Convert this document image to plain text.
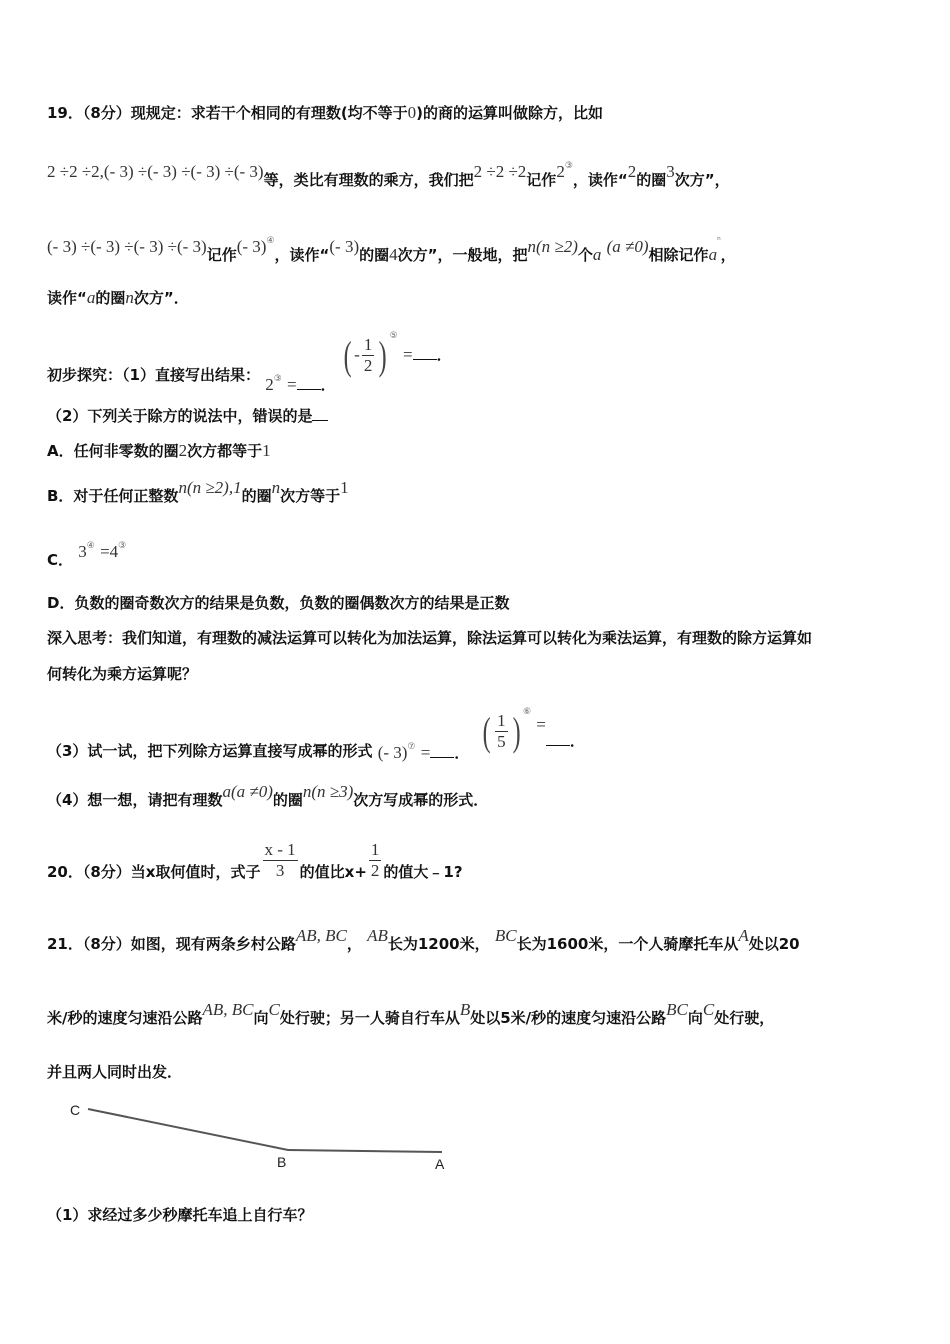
19．（8分）现规定：求若干个相同的有理数(均不等于0)的商的运算叫做除方，比如
2 ÷2 ÷2,(- 3) ÷(- 3) ÷(- 3) ÷(- 3)等，类比有理数的乘方，我们把2 ÷2 ÷2记作2③，读作“2的圈3次方”，
(- 3) ÷(- 3) ÷(- 3) ÷(- 3)记作(- 3)④，读作“(- 3)的圈4次方”，一般地，把n(n ≥2)个a (a ≠0)相除记作$a^{^n}$，
读作“a的圈n次方”．
初步探究：（1）直接写出结果： 2③ = ． ( - $\frac{1}{2}$ ) ⑤ = ．
（2）下列关于除方的说法中，错误的是
A．任何非零数的圈2次方都等于1
B．对于任何正整数n(n ≥2),1的圈n次方等于1
C． 3④ =4③
D．负数的圈奇数次方的结果是负数，负数的圈偶数次方的结果是正数
深入思考：我们知道，有理数的减法运算可以转化为加法运算，除法运算可以转化为乘法运算，有理数的除方运算如
何转化为乘方运算呢？
（3）试一试，把下列除方运算直接写成幂的形式 (- 3)⑦ = ． ( $\frac{1}{5}$ ) ⑥ =．
（4）想一想，请把有理数a(a ≠0)的圈n(n ≥3)次方写成幂的形式．
20．（8分）当x取何值时，式子 $\frac{x - 1}{3}$ 的值比$x+ \frac{1}{2}$ 的值大﹣1?
21．（8分）如图，现有两条乡村公路AB, BC， AB长为1200米， BC长为1600米，一个人骑摩托车从A处以20
米/秒的速度匀速沿公路AB, BC向C处行驶；另一人骑自行车从B处以5米/秒的速度匀速沿公路BC向C处行驶，
并且两人同时出发．
C
B	A
（1）求经过多少秒摩托车追上自行车？
